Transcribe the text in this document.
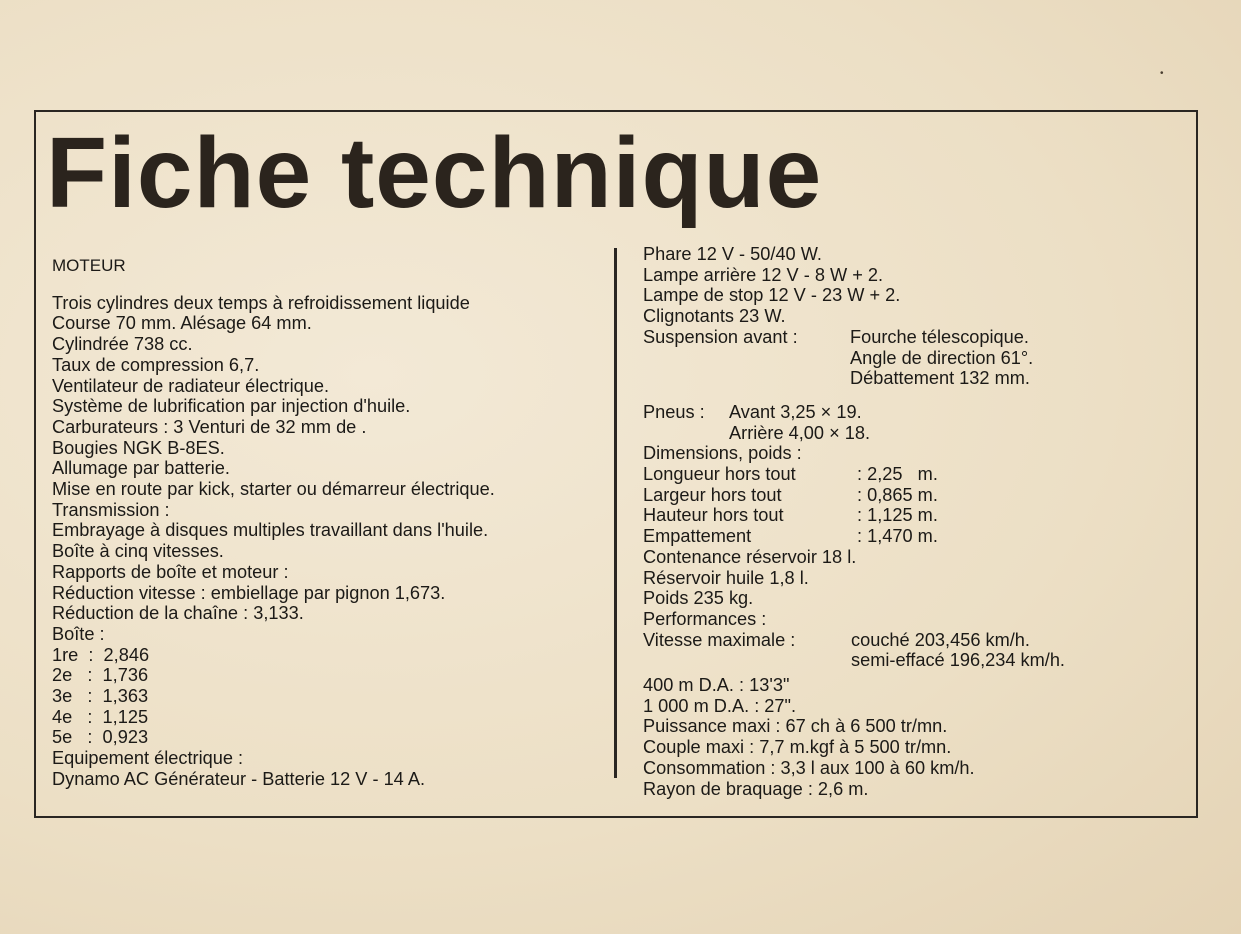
Fiche technique
MOTEUR
Trois cylindres deux temps à refroidissement liquide
Course 70 mm. Alésage 64 mm.
Cylindrée 738 cc.
Taux de compression 6,7.
Ventilateur de radiateur électrique.
Système de lubrification par injection d'huile.
Carburateurs : 3 Venturi de 32 mm de .
Bougies NGK B-8ES.
Allumage par batterie.
Mise en route par kick, starter ou démarreur électrique.
Transmission :
Embrayage à disques multiples travaillant dans l'huile.
Boîte à cinq vitesses.
Rapports de boîte et moteur :
Réduction vitesse : embiellage par pignon 1,673.
Réduction de la chaîne : 3,133.
Boîte :
1re  :  2,846
2e   :  1,736
3e   :  1,363
4e   :  1,125
5e   :  0,923
Equipement électrique :
Dynamo AC Générateur - Batterie 12 V - 14 A.
Phare 12 V - 50/40 W.
Lampe arrière 12 V - 8 W + 2.
Lampe de stop 12 V - 23 W + 2.
Clignotants 23 W.
Suspension avant :	Fourche télescopique.
Angle de direction 61°.
Débattement 132 mm.
Pneus :	Avant 3,25 × 19.
Arrière 4,00 × 18.
Dimensions, poids :
Longueur hors tout	: 2,25   m.
Largeur hors tout	: 0,865 m.
Hauteur hors tout	: 1,125 m.
Empattement	: 1,470 m.
Contenance réservoir 18 l.
Réservoir huile 1,8 l.
Poids 235 kg.
Performances :
Vitesse maximale :	couché 203,456 km/h.
semi-effacé 196,234 km/h.
400 m D.A. : 13'3"
1 000 m D.A. : 27".
Puissance maxi : 67 ch à 6 500 tr/mn.
Couple maxi : 7,7 m.kgf à 5 500 tr/mn.
Consommation : 3,3 l aux 100 à 60 km/h.
Rayon de braquage : 2,6 m.
•
